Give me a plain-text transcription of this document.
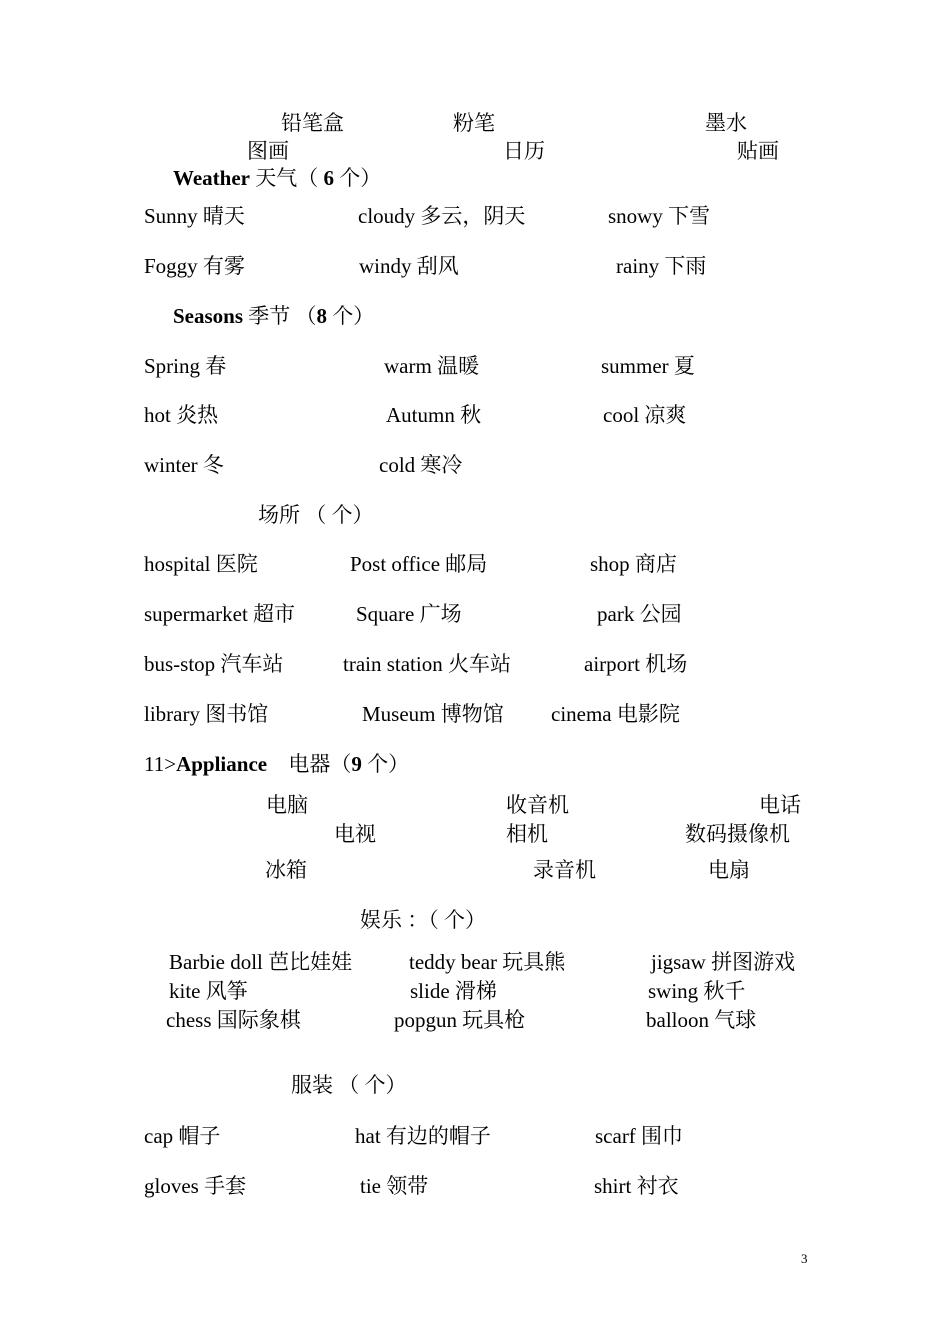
铅笔盒	粉笔	墨水
图画	日历	贴画
Weather 天气（ 6 个）
Sunny 晴天	cloudy 多云，阴天	snowy 下雪
Foggy 有雾	windy 刮风	rainy 下雨
Seasons 季节 （8 个）
Spring 春	warm 温暖	summer 夏
hot 炎热	Autumn 秋	cool 凉爽
winter 冬	cold 寒冷
场所 （ 个）
hospital 医院	Post office 邮局	shop 商店
supermarket 超市	Square 广场	park 公园
bus-stop 汽车站	train station 火车站	airport 机场
library 图书馆	Museum 博物馆 cinema 电影院
11>Appliance 电器（9 个）
电脑	收音机	电话
电视	相机	数码摄像机
冰箱	录音机	电扇
娱乐 ：（ 个）
Barbie doll 芭比娃娃	teddy bear 玩具熊	jigsaw 拼图游戏
kite 风筝	slide 滑梯	swing 秋千
chess 国际象棋	popgun 玩具枪	balloon 气球
服装 （ 个）
cap 帽子	hat 有边的帽子	scarf 围巾
gloves 手套	tie 领带	shirt 衬衣
3
